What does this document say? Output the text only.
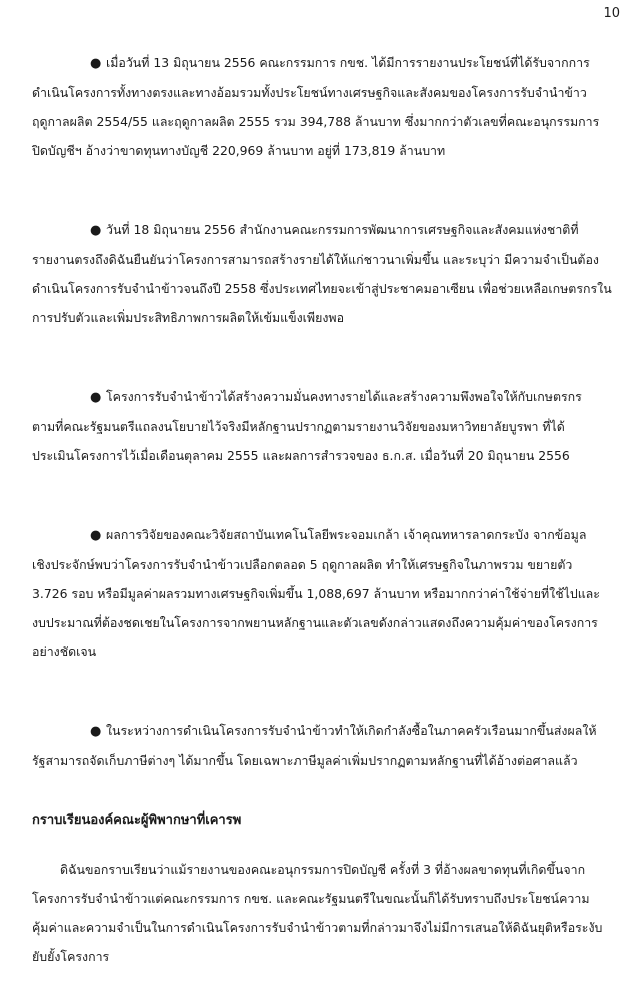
10
● เมื่อวันที่ 13 มิถุนายน 2556 คณะกรรมการ กขช. ได้มีการรายงานประโยชน์ที่ได้รับจากการ
ดำเนินโครงการทั้งทางตรงและทางอ้อมรวมทั้งประโยชน์ทางเศรษฐกิจและสังคมของโครงการรับจำนำข้าว
ฤดูกาลผลิต 2554/55 และฤดูกาลผลิต 2555 รวม 394,788 ล้านบาท ซึ่งมากกว่าตัวเลขที่คณะอนุกรรมการ
ปิดบัญชีฯ อ้างว่าขาดทุนทางบัญชี 220,969 ล้านบาท อยู่ที่ 173,819 ล้านบาท
● วันที่ 18 มิถุนายน 2556 สำนักงานคณะกรรมการพัฒนาการเศรษฐกิจและสังคมแห่งชาติที่
รายงานตรงถึงดิฉันยืนยันว่าโครงการสามารถสร้างรายได้ให้แก่ชาวนาเพิ่มขึ้น และระบุว่า มีความจำเป็นต้อง
ดำเนินโครงการรับจำนำข้าวจนถึงปี 2558 ซึ่งประเทศไทยจะเข้าสู่ประชาคมอาเซียน เพื่อช่วยเหลือเกษตรกรใน
การปรับตัวและเพิ่มประสิทธิภาพการผลิตให้เข้มแข็งเพียงพอ
● โครงการรับจำนำข้าวได้สร้างความมั่นคงทางรายได้และสร้างความพึงพอใจให้กับเกษตรกร
ตามที่คณะรัฐมนตรีแถลงนโยบายไว้จริงมีหลักฐานปรากฏตามรายงานวิจัยของมหาวิทยาลัยบูรพา ที่ได้
ประเมินโครงการไว้เมื่อเดือนตุลาคม 2555 และผลการสำรวจของ ธ.ก.ส. เมื่อวันที่ 20 มิถุนายน 2556
● ผลการวิจัยของคณะวิจัยสถาบันเทคโนโลยีพระจอมเกล้า เจ้าคุณทหารลาดกระบัง จากข้อมูล
เชิงประจักษ์พบว่าโครงการรับจำนำข้าวเปลือกตลอด 5 ฤดูกาลผลิต ทำให้เศรษฐกิจในภาพรวม ขยายตัว
3.726 รอบ หรือมีมูลค่าผลรวมทางเศรษฐกิจเพิ่มขึ้น 1,088,697 ล้านบาท หรือมากกว่าค่าใช้จ่ายที่ใช้ไปและ
งบประมาณที่ต้องชดเชยในโครงการจากพยานหลักฐานและตัวเลขดังกล่าวแสดงถึงความคุ้มค่าของโครงการ
อย่างชัดเจน
● ในระหว่างการดำเนินโครงการรับจำนำข้าวทำให้เกิดกำลังซื้อในภาคครัวเรือนมากขึ้นส่งผลให้
รัฐสามารถจัดเก็บภาษีต่างๆ ได้มากขึ้น โดยเฉพาะภาษีมูลค่าเพิ่มปรากฏตามหลักฐานที่ได้อ้างต่อศาลแล้ว
กราบเรียนองค์คณะผู้พิพากษาที่เคารพ
ดิฉันขอกราบเรียนว่าแม้รายงานของคณะอนุกรรมการปิดบัญชี ครั้งที่ 3 ที่อ้างผลขาดทุนที่เกิดขึ้นจาก
โครงการรับจำนำข้าวแต่คณะกรรมการ กขช. และคณะรัฐมนตรีในขณะนั้นก็ได้รับทราบถึงประโยชน์ความ
คุ้มค่าและความจำเป็นในการดำเนินโครงการรับจำนำข้าวตามที่กล่าวมาจึงไม่มีการเสนอให้ดิฉันยุติหรือระงับ
ยับยั้งโครงการ
